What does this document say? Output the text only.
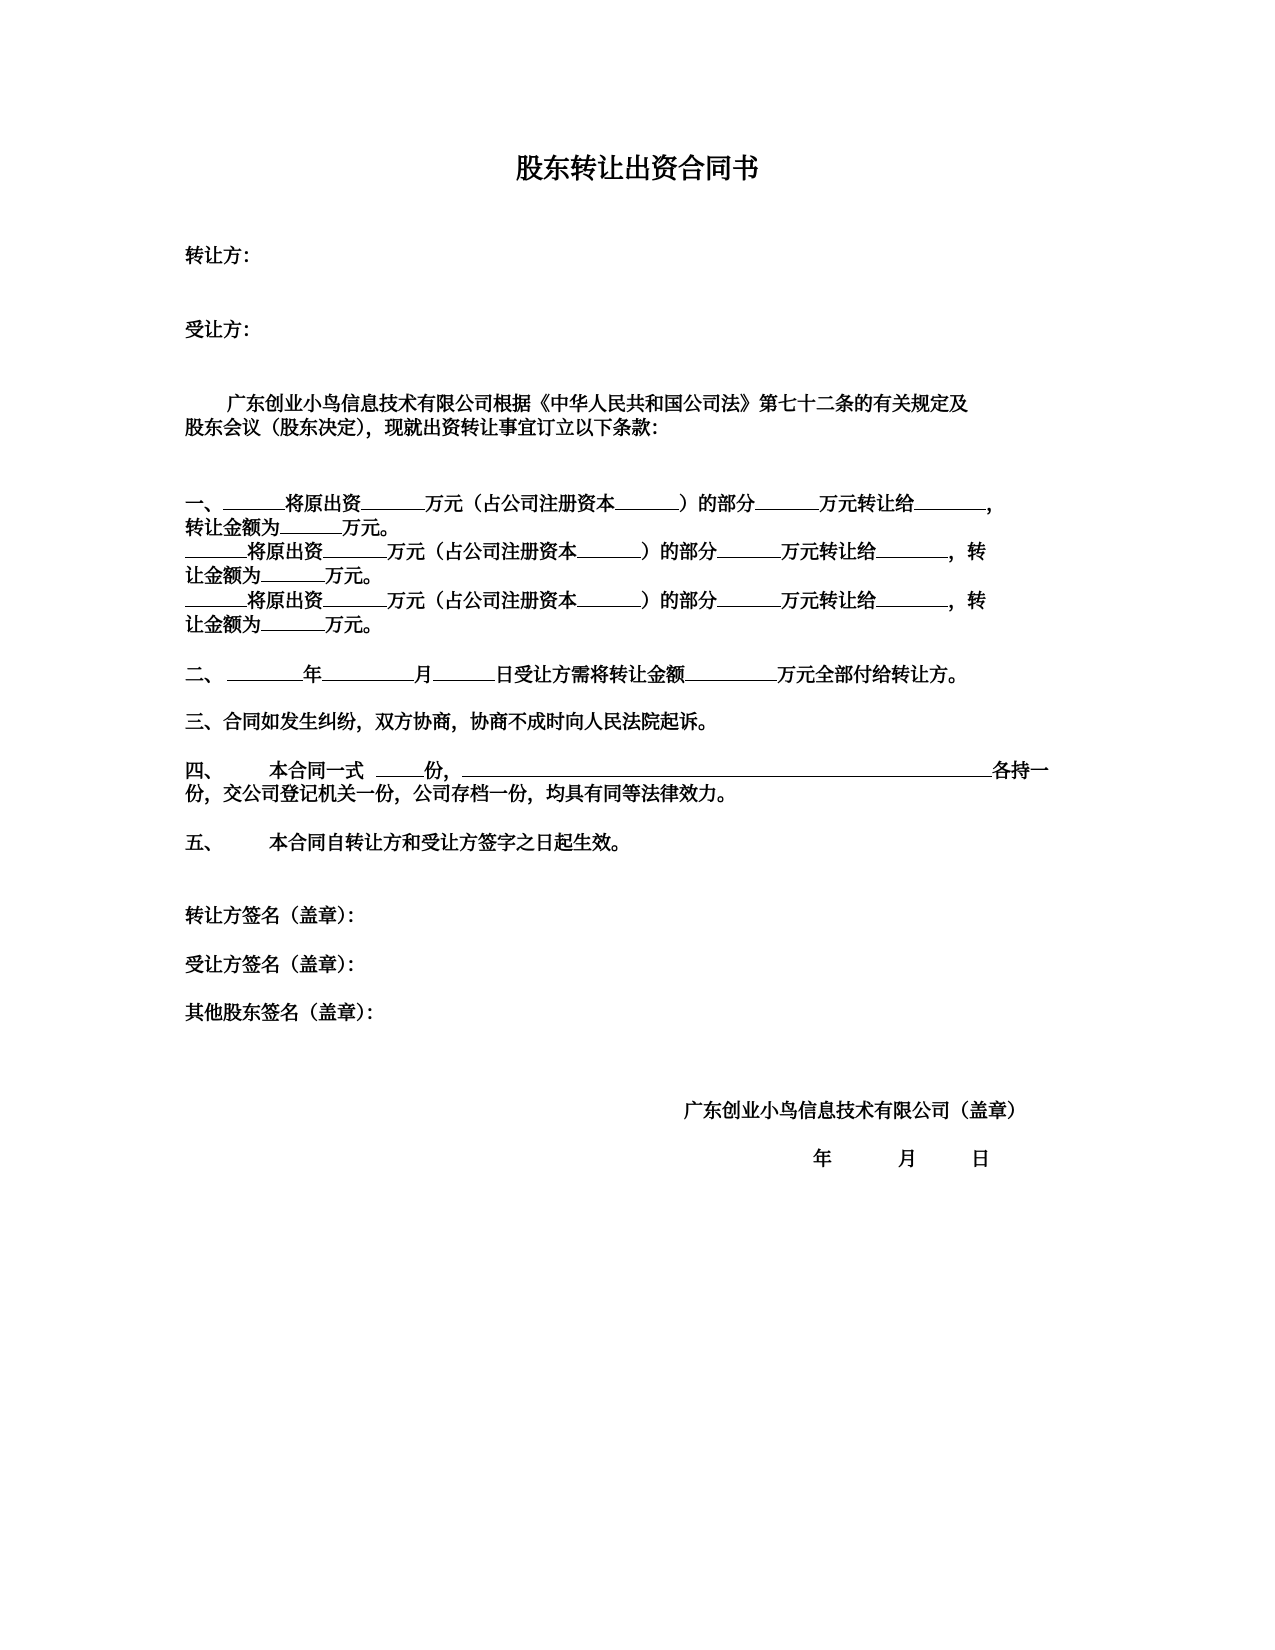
股东转让出资合同书

转让方：

受让方：

广东创业小鸟信息技术有限公司根据《中华人民共和国公司法》第七十二条的有关规定及

股东会议（股东决定），现就出资转让事宜订立以下条款：

一、	将原出资	万元（占公司注册资本	）的部分	万元转让给	，

转让金额为	万元。

将原出资	万元（占公司注册资本	）的部分	万元转让给	，转

让金额为	万元。

将原出资	万元（占公司注册资本	）的部分	万元转让给	，转

让金额为	万元。

二、	年	月	日受让方需将转让金额	万元全部付给转让方。

三、合同如发生纠纷，双方协商，协商不成时向人民法院起诉。

四、 本合同一式	份，	各持一

份，交公司登记机关一份，公司存档一份，均具有同等法律效力。

五、 本合同自转让方和受让方签字之日起生效。

转让方签名（盖章）：

受让方签名（盖章）：

其他股东签名（盖章）：

广东创业小鸟信息技术有限公司（盖章）

年	月	日
